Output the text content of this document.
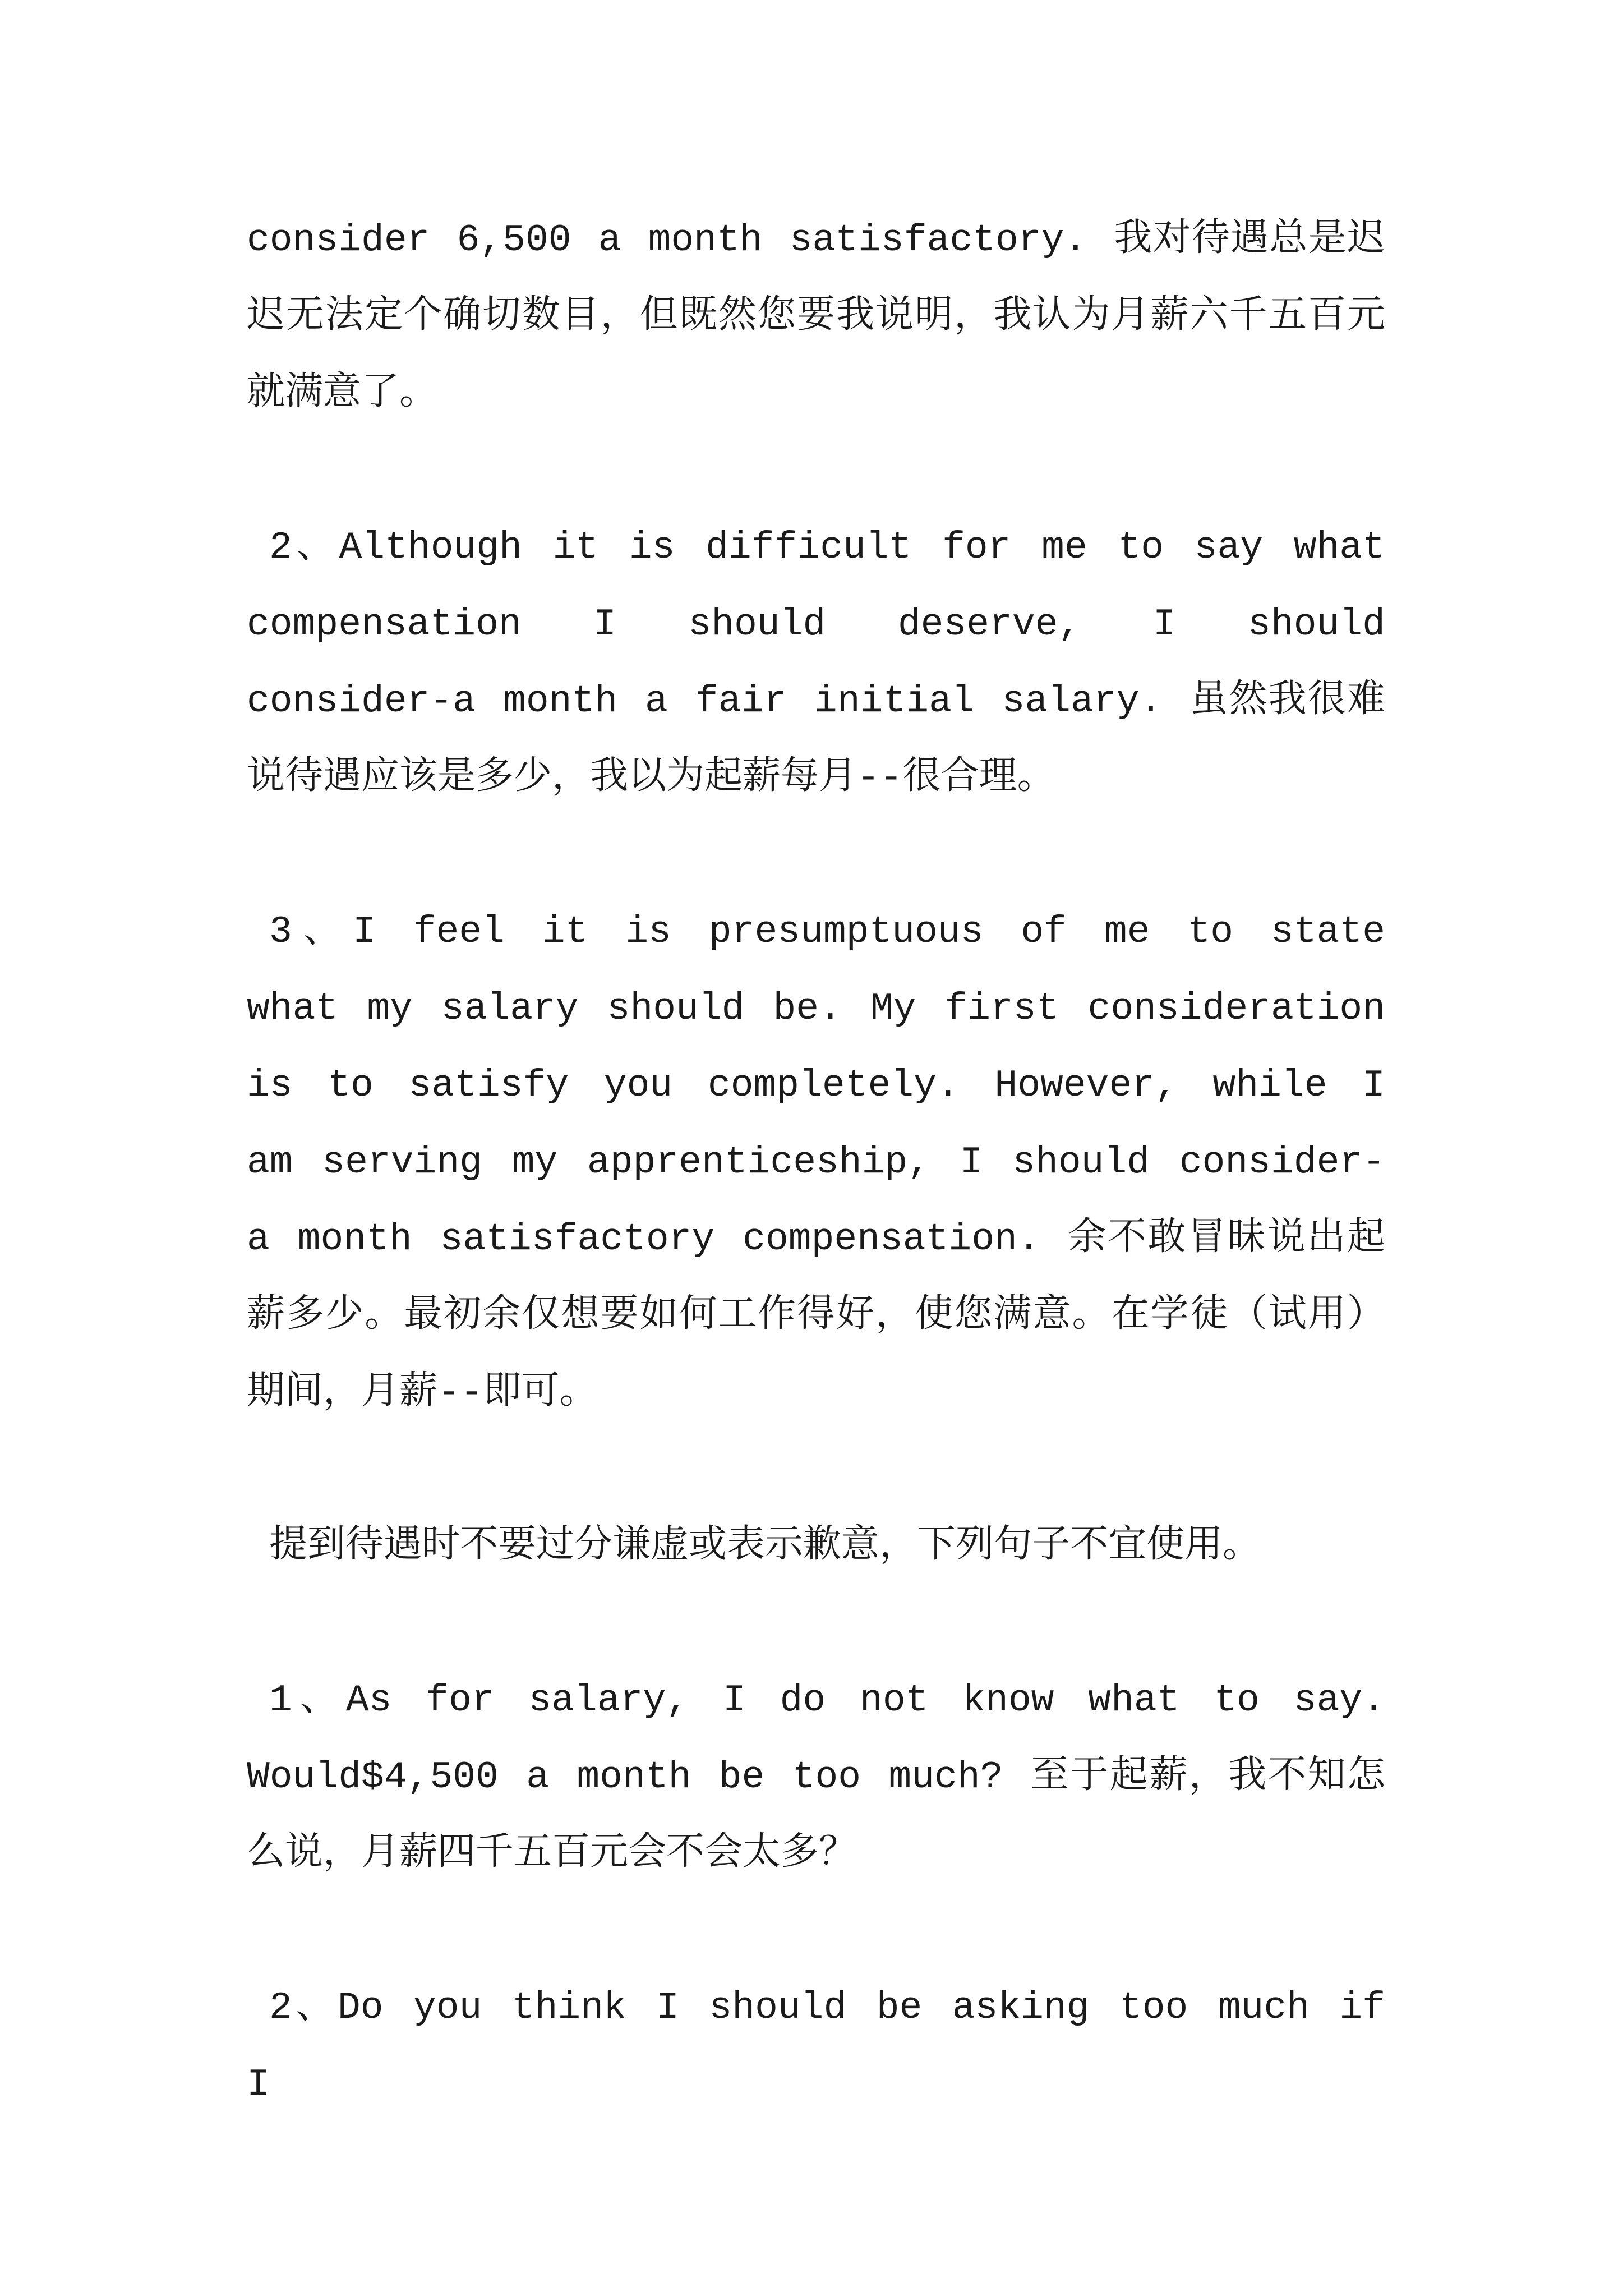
consider 6,500 a month satisfactory. 我对待遇总是迟迟无法定个确切数目，但既然您要我说明，我认为月薪六千五百元就满意了。

2、Although it is difficult for me to say what compensation I should deserve, I should consider-a month a fair initial salary. 虽然我很难说待遇应该是多少，我以为起薪每月--很合理。

3、I feel it is presumptuous of me to state what my salary should be. My first consideration is to satisfy you completely. However, while I am serving my apprenticeship, I should consider-a month satisfactory compensation. 余不敢冒昧说出起薪多少。最初余仅想要如何工作得好，使您满意。在学徒（试用）期间，月薪--即可。

提到待遇时不要过分谦虚或表示歉意，下列句子不宜使用。

1、As for salary, I do not know what to say. Would$4,500 a month be too much? 至于起薪，我不知怎么说，月薪四千五百元会不会太多？

2、Do you think I should be asking too much if I
